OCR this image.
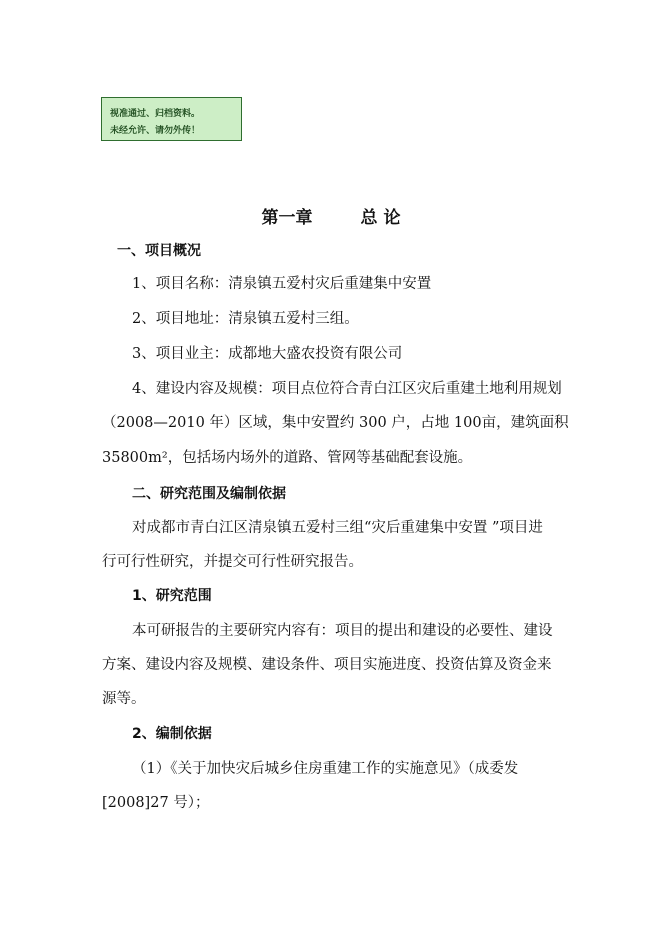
视准通过、归档资料。
未经允许、请勿外传！
第一章	总 论
一、项目概况
1、项目名称：清泉镇五爱村灾后重建集中安置
2、项目地址：清泉镇五爱村三组。
3、项目业主：成都地大盛农投资有限公司
4、建设内容及规模：项目点位符合青白江区灾后重建土地利用规划
（2008—2010 年）区域，集中安置约 300 户，占地 100亩，建筑面积
35800m²，包括场内场外的道路、管网等基础配套设施。
二、研究范围及编制依据
对成都市青白江区清泉镇五爱村三组“灾后重建集中安置 ”项目进
行可行性研究，并提交可行性研究报告。
1、研究范围
本可研报告的主要研究内容有：项目的提出和建设的必要性、建设
方案、建设内容及规模、建设条件、项目实施进度、投资估算及资金来
源等。
2、编制依据
（1）《关于加快灾后城乡住房重建工作的实施意见》（成委发
[2008]27 号）；
